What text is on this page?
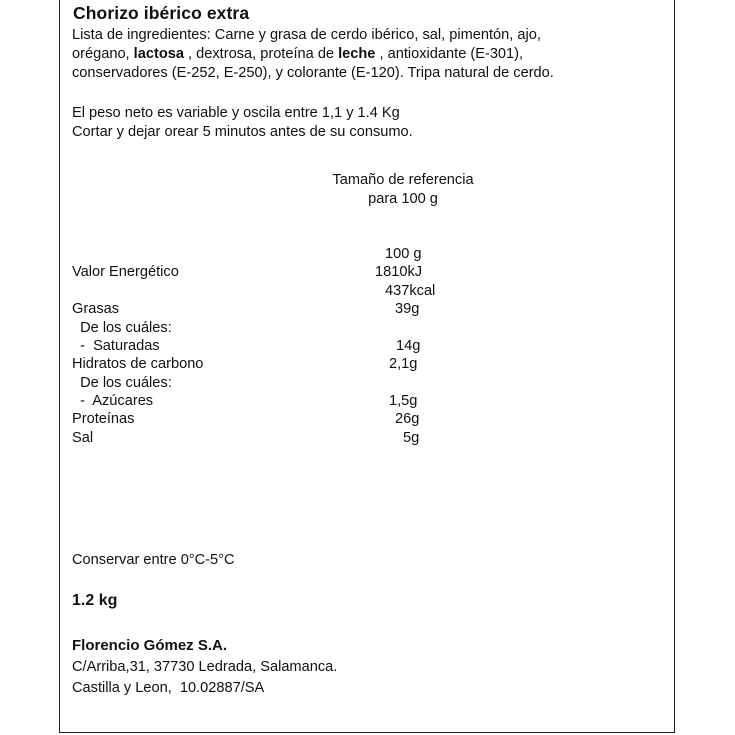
Chorizo ibérico extra

Lista de ingredientes: Carne y grasa de cerdo ibérico, sal, pimentón, ajo,

orégano, lactosa , dextrosa, proteína de leche , antioxidante (E-301),

conservadores (E-252, E-250), y colorante (E-120). Tripa natural de cerdo.

El peso neto es variable y oscila entre 1,1 y 1.4 Kg
Cortar y dejar orear 5 minutos antes de su consumo.
Tamaño de referencia
para 100 g
100 g
Valor Energético	1810kJ
437kcal
Grasas	39g
De los cuáles:
-  Saturadas	14g
Hidratos de carbono	2,1g
De los cuáles:
-  Azúcares	1,5g
Proteínas	26g
Sal	5g
Conservar entre 0°C-5°C
1.2 kg
Florencio Gómez S.A.
C/Arriba,31, 37730 Ledrada, Salamanca.
Castilla y Leon,  10.02887/SA
